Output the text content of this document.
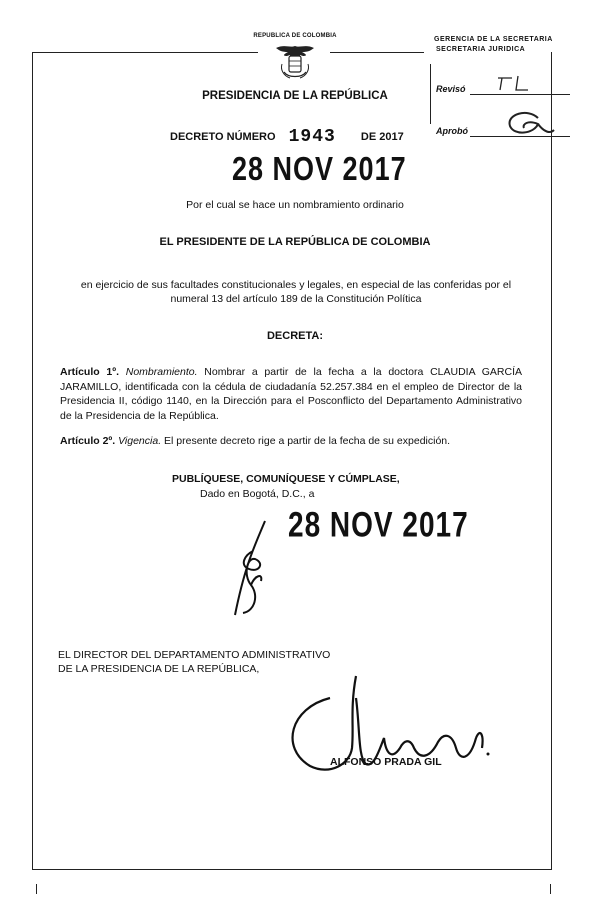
REPUBLICA DE COLOMBIA	GERENCIA DE LA SECRETARIA
SECRETARIA JURIDICA
Revisó
Aprobó
PRESIDENCIA DE LA REPÚBLICA
DECRETO NÚMERO 1943 DE 2017
28 NOV 2017
Por el cual se hace un nombramiento ordinario
EL PRESIDENTE DE LA REPÚBLICA DE COLOMBIA
en ejercicio de sus facultades constitucionales y legales, en especial de las conferidas por el numeral 13 del artículo 189 de la Constitución Política
DECRETA:
Artículo 1º. Nombramiento. Nombrar a partir de la fecha a la doctora CLAUDIA GARCÍA JARAMILLO, identificada con la cédula de ciudadanía 52.257.384 en el empleo de Director de la Presidencia II, código 1140, en la Dirección para el Posconflicto del Departamento Administrativo de la Presidencia de la República.
Artículo 2º. Vigencia. El presente decreto rige a partir de la fecha de su expedición.
PUBLÍQUESE, COMUNÍQUESE Y CÚMPLASE,
Dado en Bogotá, D.C., a
28 NOV 2017
EL DIRECTOR DEL DEPARTAMENTO ADMINISTRATIVO
DE LA PRESIDENCIA DE LA REPÚBLICA,
ALFONSO PRADA GIL
